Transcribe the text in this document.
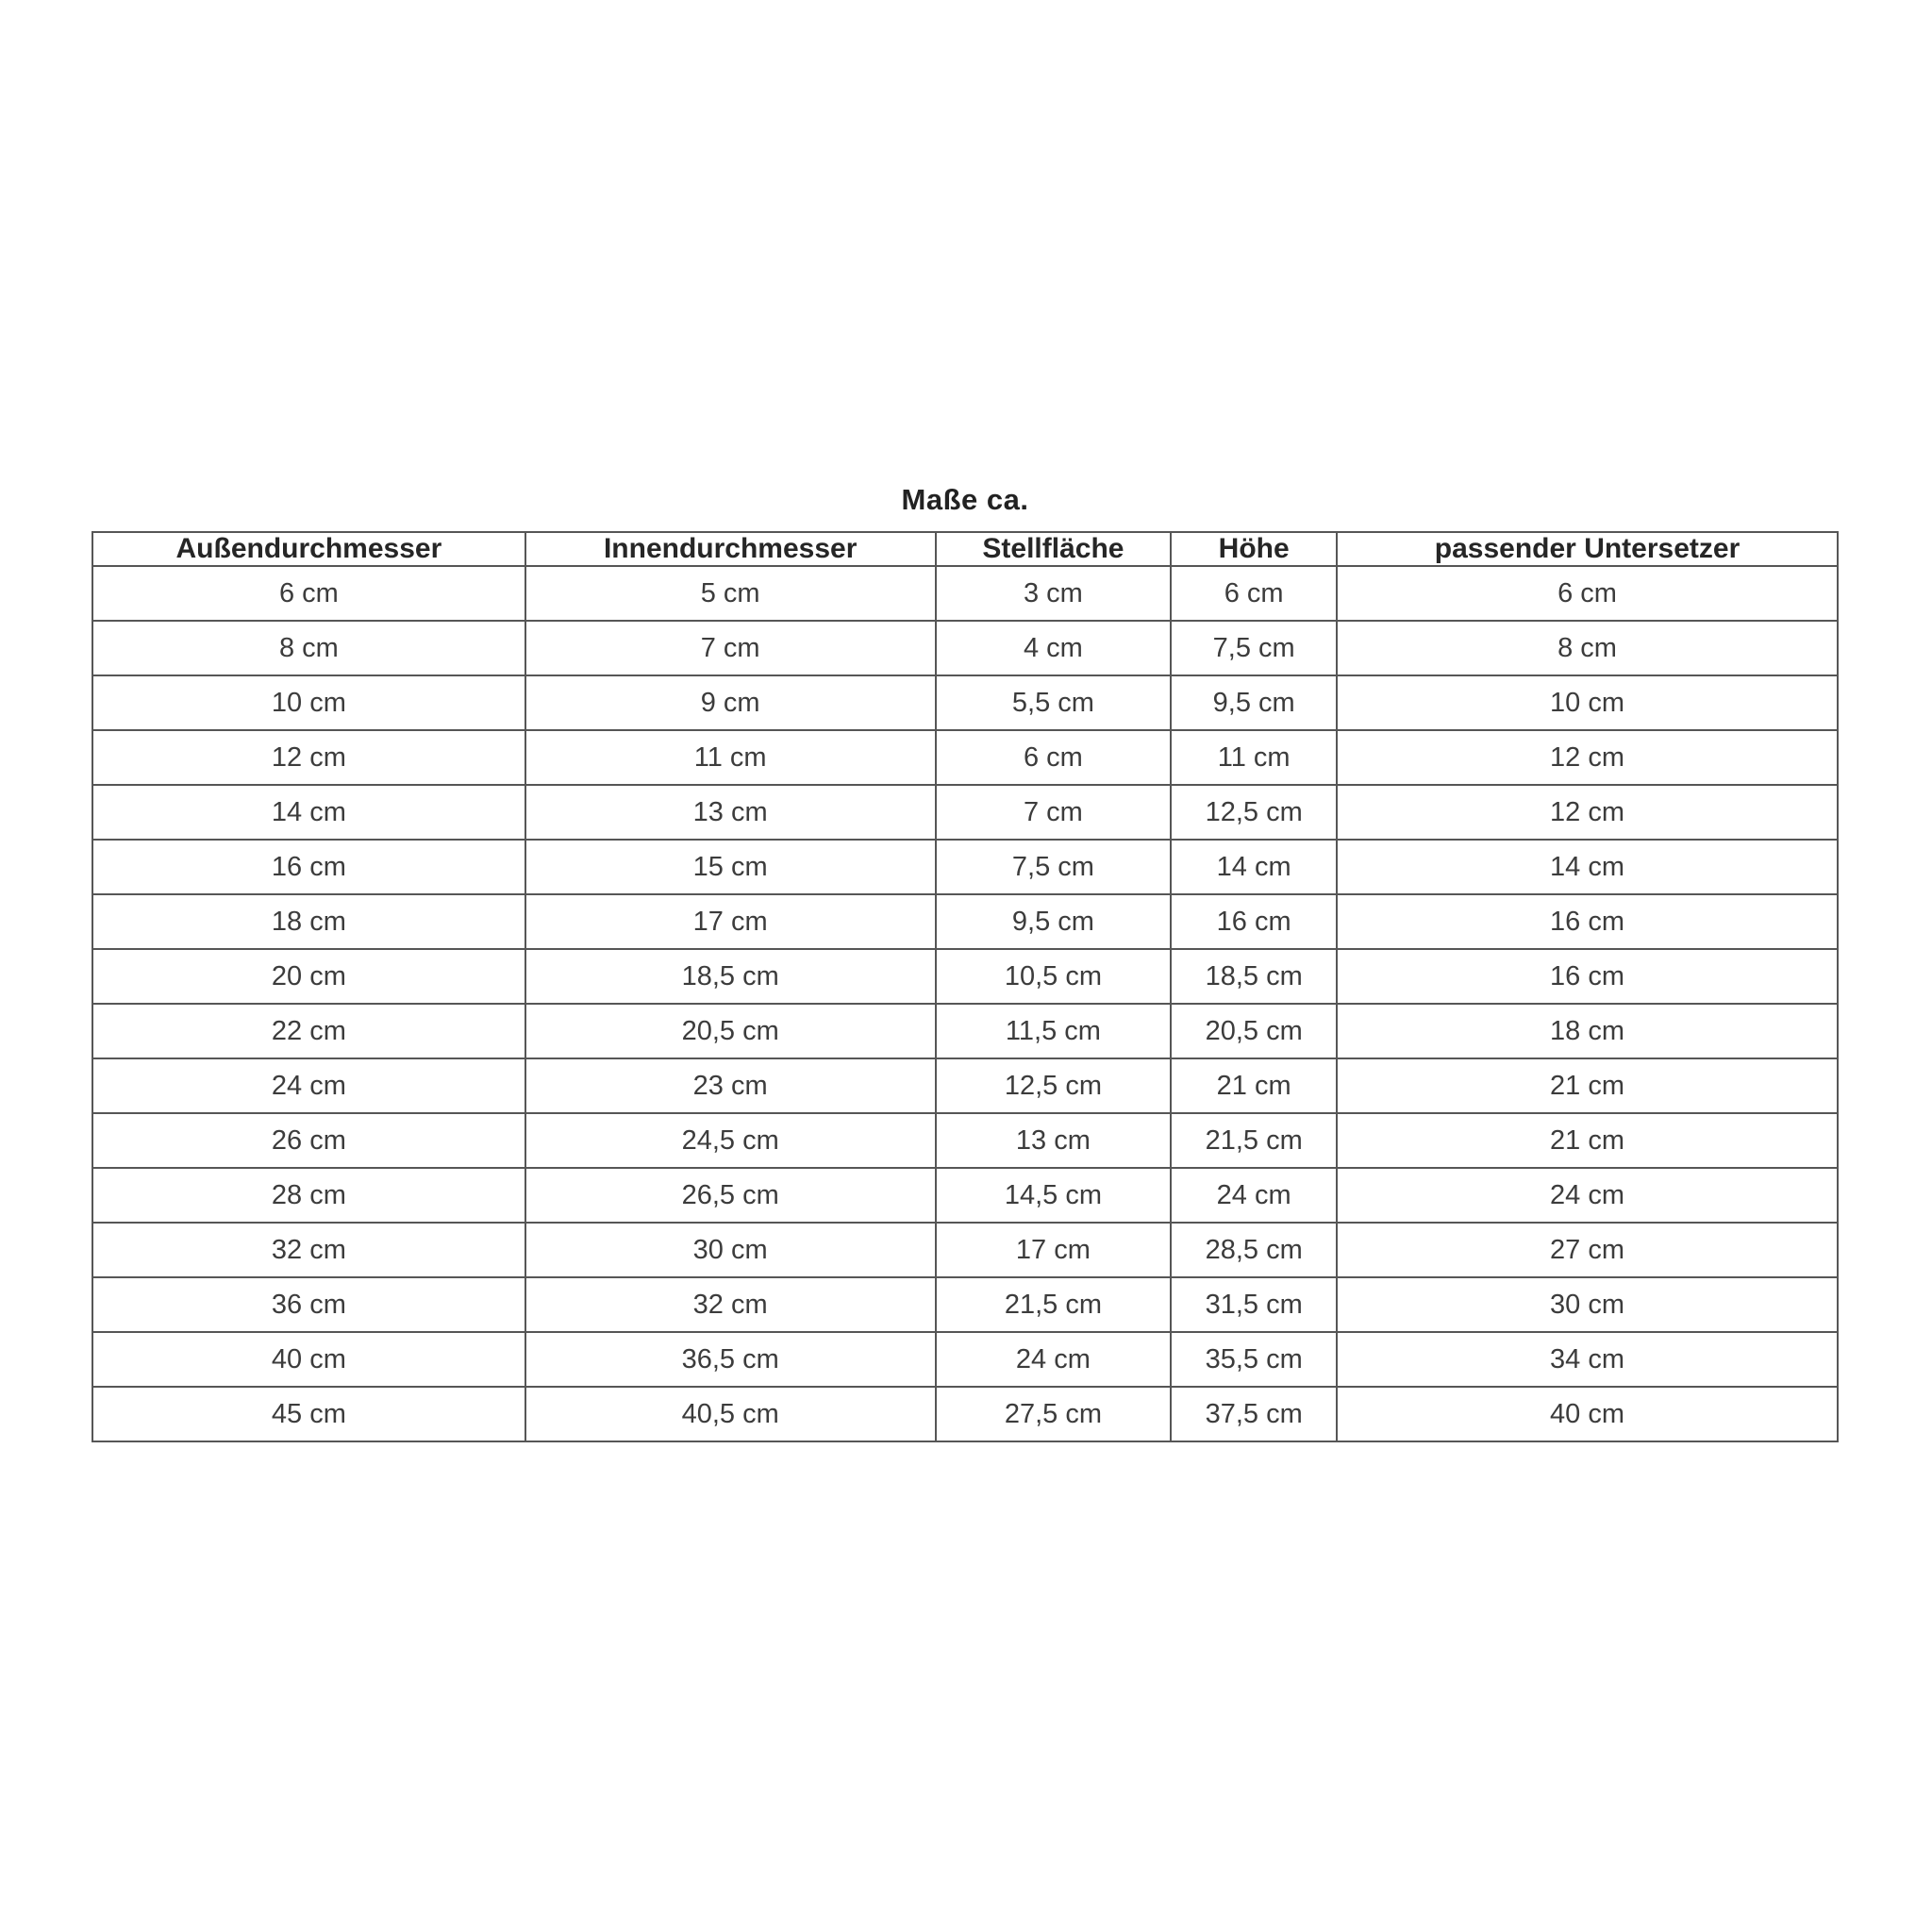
Maße ca.
Außendurchmesser	Innendurchmesser	Stellfläche	Höhe	passender Untersetzer
6 cm	5 cm	3 cm	6 cm	6 cm
8 cm	7 cm	4 cm	7,5 cm	8 cm
10 cm	9 cm	5,5 cm	9,5 cm	10 cm
12 cm	11 cm	6 cm	11 cm	12 cm
14 cm	13 cm	7 cm	12,5 cm	12 cm
16 cm	15 cm	7,5 cm	14 cm	14 cm
18 cm	17 cm	9,5 cm	16 cm	16 cm
20 cm	18,5 cm	10,5 cm	18,5 cm	16 cm
22 cm	20,5 cm	11,5 cm	20,5 cm	18 cm
24 cm	23 cm	12,5 cm	21 cm	21 cm
26 cm	24,5 cm	13 cm	21,5 cm	21 cm
28 cm	26,5 cm	14,5 cm	24 cm	24 cm
32 cm	30 cm	17 cm	28,5 cm	27 cm
36 cm	32 cm	21,5 cm	31,5 cm	30 cm
40 cm	36,5 cm	24 cm	35,5 cm	34 cm
45 cm	40,5 cm	27,5 cm	37,5 cm	40 cm
